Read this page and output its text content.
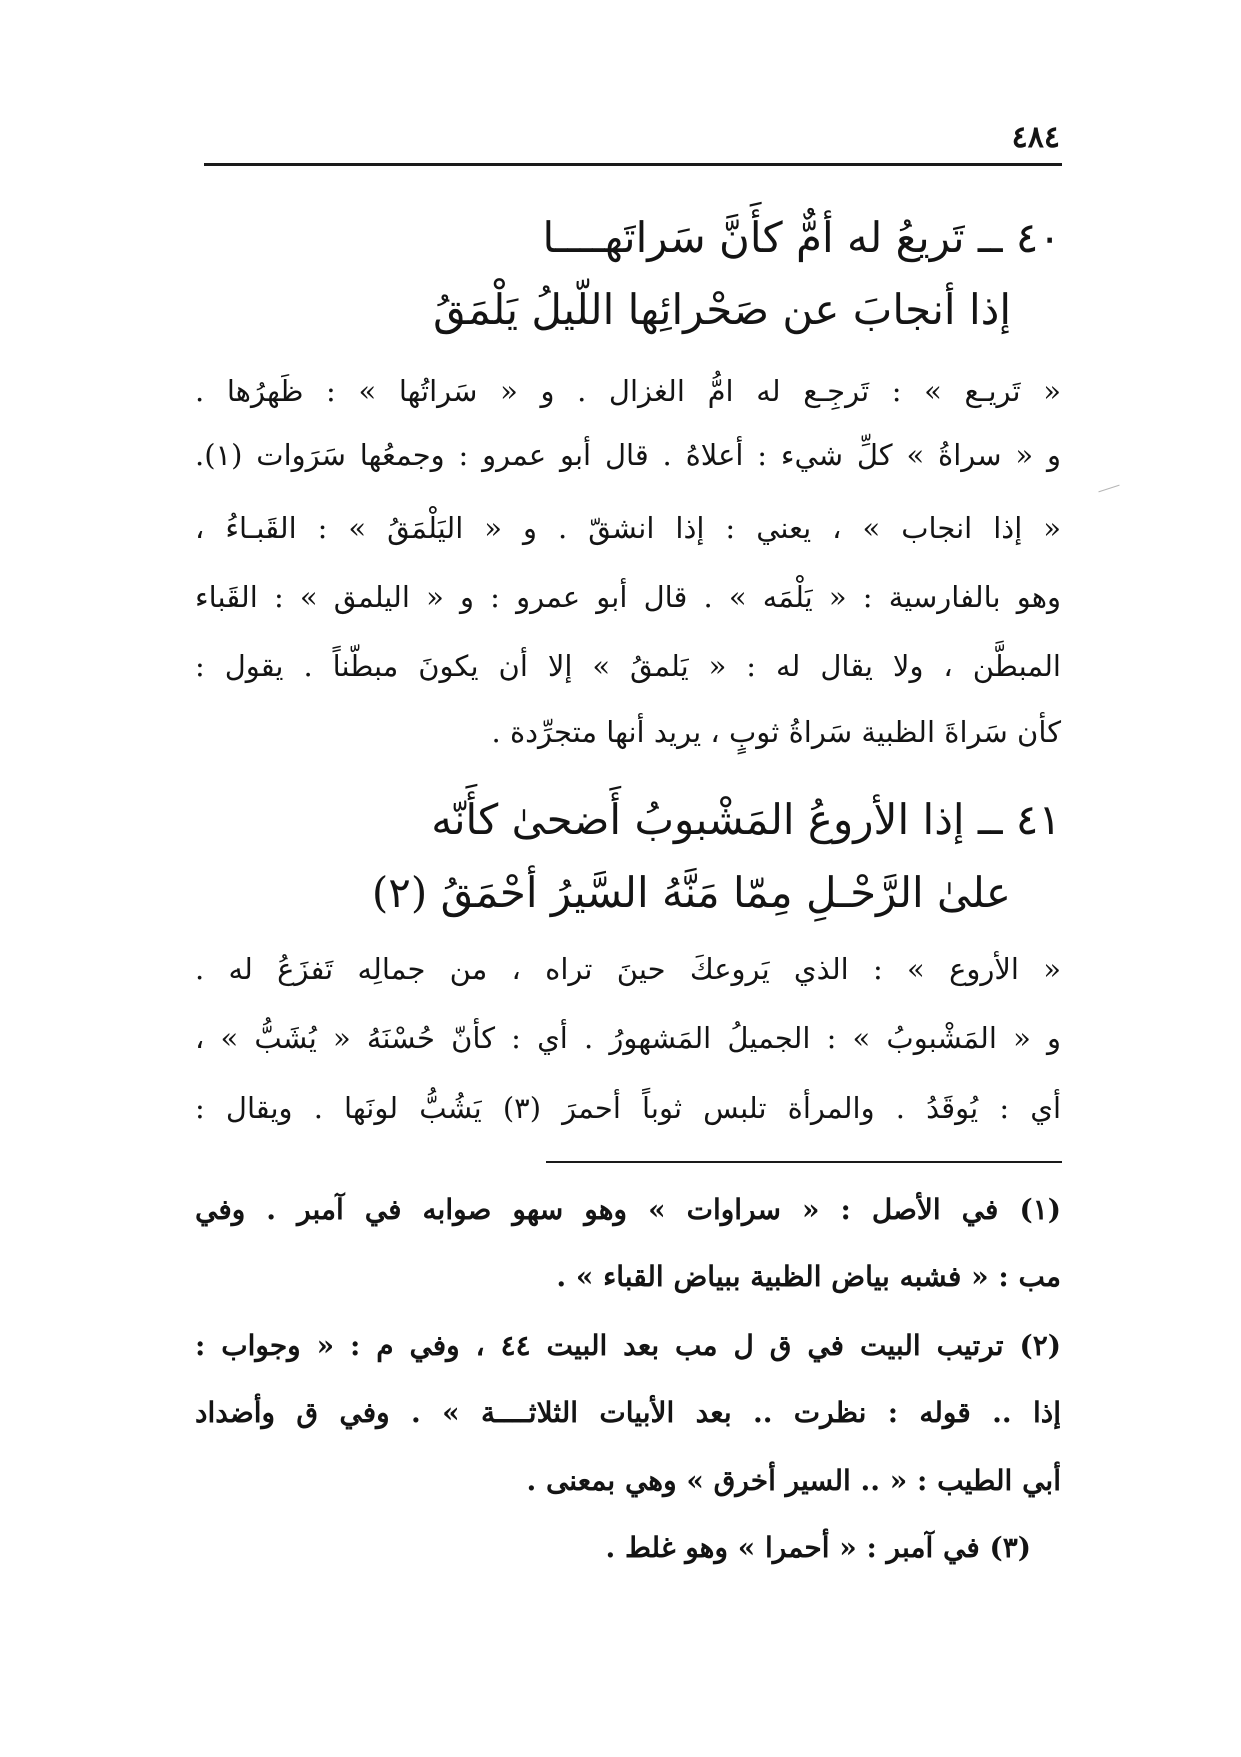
٤٨٤
٤٠ ــ تَريعُ له أمٌّ كأَنَّ سَراتَهــــا
إذا أنجابَ عن صَحْرائِها اللّيلُ يَلْمَقُ
« تَريـع » : تَرجِـع له امُّ الغزال . و « سَراتُها » : ظَهرُها .
و « سراةُ » كلِّ شيء : أعلاهُ . قال أبو عمرو : وجمعُها سَرَوات (١).
« إذا انجاب » ، يعني : إذا انشقّ . و « اليَلْمَقُ » : القَبـاءُ ،
وهو بالفارسية : « يَلْمَه » . قال أبو عمرو : و « اليلمق » : القَباء
المبطَّن ، ولا يقال له : « يَلمقُ » إلا أن يكونَ مبطّناً . يقول :
كأن سَراةَ الظبية سَراةُ ثوبٍ ، يريد أنها متجرِّدة .
٤١ ــ إذا الأروعُ المَشْبوبُ أَضحىٰ كأَنّه
علىٰ الرَّحْـلِ مِمّا مَنَّهُ السَّيرُ أحْمَقُ (٢)
« الأروع » : الذي يَروعكَ حينَ تراه ، من جمالِه تَفزَعُ له .
و « المَشْبوبُ » : الجميلُ المَشهورُ . أي : كأنّ حُسْنَهُ « يُشَبُّ » ،
أي : يُوقَدُ . والمرأة تلبس ثوباً أحمرَ (٣) يَشُبُّ لونَها . ويقال :
(١) في الأصل : « سراوات » وهو سهو صوابه في آمبر . وفي
مب : « فشبه بياض الظبية ببياض القباء » .
(٢) ترتيب البيت في ق ل مب بعد البيت ٤٤ ، وفي م : « وجواب :
إذا .. قوله : نظرت .. بعد الأبيات الثلاثــــة » . وفي ق وأضداد
أبي الطيب : « .. السير أخرق » وهي بمعنى .
(٣) في آمبر : « أحمرا » وهو غلط .
